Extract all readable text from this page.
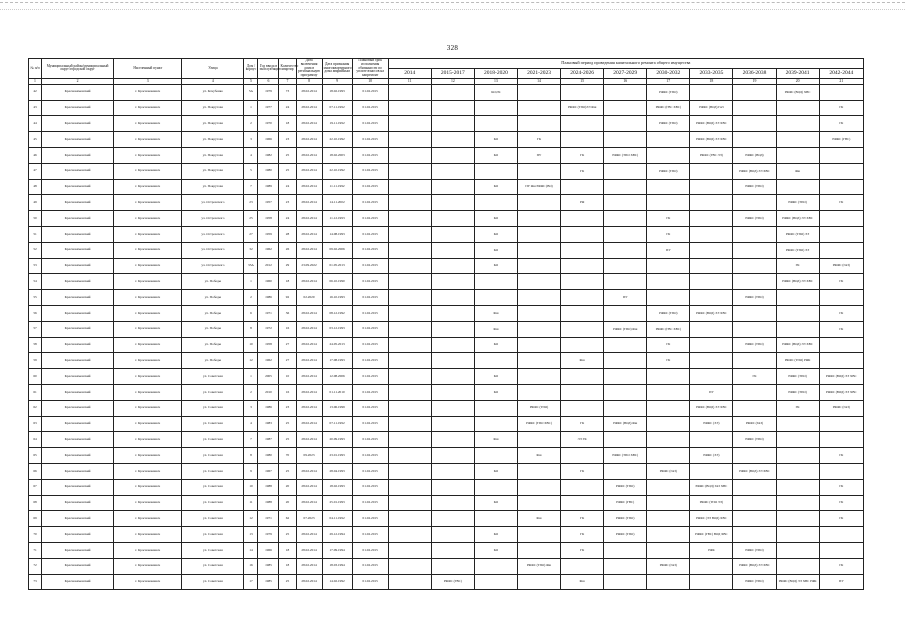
328
№ п/п	Муниципальный район/муниципальный округ/городской округ	Населенный пункт	Улица	Дом / корпус	Год ввода в эксплуатацию	Количество квартир	Дата включения дома в региональную программу	Дата признания многоквартирного дома аварийным	Плановый срок исполнения обязанности по уплате взносов на капремонт	Плановый период проведения капитального ремонта общего имущества										
										2014	2015-2017	2018-2020	2021-2023	2024-2026	2027-2029	2030-2032	2033-2035	2036-2038	2039-2041	2042-2044
1	2	3	4	5	6	7	8	9	10	11	12	13	14	15	16	17	18	19	20	21
42	Краснокаменский	г. Краснокаменск	ул. Кочубенко	5А	1979	73	28.02.2014	18.02.1993	01.02.2015			КО,ГК				РФФС (ТПО)			РФФС (ВОД) ХВС	
43	Краснокаменский	г. Краснокаменск	ул. Покрутова	1	1977	24	28.02.2014	07.11.1992	01.02.2015					РФФС (ТПО)ЭЭ Фш		РФФС (ГВС ХВС)	РФФС (ВОД) ГАЗ			ГК
44	Краснокаменский	г. Краснокаменск	ул. Покрутова	2	1970	18	28.02.2014	19.11.1992	01.02.2015							РФФС (ТПО)	РФФС (ВОД) ЭЭ ХВС			ГК
45	Краснокаменский	г. Краснокаменск	ул. Покрутова	3	1966	23	28.02.2014	22.10.1992	01.02.2015			КО	ГК				РФФС (ВОД) ЭЭ ХВС			РФФС (ГВС)
46	Краснокаменский	г. Краснокаменск	ул. Покрутова	4	1982	25	28.02.2014	18.02.2003	01.02.2015			КО	ПУ	ГК	РФФС (ТПО ХВС)		РФФС (ГВС ЭЭ)	РФФС (ВОД)		
47	Краснокаменский	г. Краснокаменск	ул. Покрутова	5	1980	25	28.02.2014	22.10.1992	01.02.2015					ГК		РФФС (ТПО)		РФФС (ВОД) ЭЭ ХВС	Фш	
48	Краснокаменский	г. Краснокаменск	ул. Покрутова	7	1989	24	28.02.2014	11.11.1992	01.02.2015			КО	ПУ Фш РФФС (ВО)					РФФС (ТПО)		
49	Краснокаменский	г. Краснокаменск	ул. Островского	23	1957	23	28.02.2014	14.11.2002	01.02.2015					РФ					РФФС (ТПО)	ГК
50	Краснокаменский	г. Краснокаменск	ул. Островского	25	1958	24	28.02.2014	11.12.1993	01.02.2015			КО				ГК		РФФС (ТПО)	РФФС (ВОД) ЭЭ ХВС	
51	Краснокаменский	г. Краснокаменск	ул. Островского	27	1959	28	28.02.2014	14.08.1993	01.02.2015			КО				ГК			РФФС (ТПО) ЭЭ	
52	Краснокаменский	г. Краснокаменск	ул. Островского	32	1962	26	28.02.2014	09.02.2006	01.02.2015			КО				ПУ			РФФС (ТПО) ЭЭ	
53	Краснокаменский	г. Краснокаменск	ул. Островского	33А	2012	29	23.09.2022	01.05.2013	01.02.2015			КО							ГК	РФФС (ГАЗ)
54	Краснокаменский	г. Краснокаменск	ул. Победы	1	1960	18	28.02.2014	06.10.1990	01.02.2015										РФФС (ВОД) ЭЭ ХВС	ГК
55	Краснокаменский	г. Краснокаменск	ул. Победы	2	1986	92	02.2020	16.10.1993	01.02.2015						ПУ			РФФС (ТПО)		
56	Краснокаменский	г. Краснокаменск	ул. Победы	6	1971	36	28.02.2014	08.12.1992	01.02.2015			Фш				РФФС (ТПО)	РФФС (ВОД) ЭЭ ХВС			ГК
57	Краснокаменский	г. Краснокаменск	ул. Победы	8	1972	16	28.02.2014	03.12.1993	01.02.2015			Фш			РФФС (ТПО) Фш	РФФС (ГВС ХВС)				ГК
58	Краснокаменский	г. Краснокаменск	ул. Победы	10	1958	27	28.02.2014	24.05.2013	01.02.2015			КО				ГК		РФФС (ТПО)	РФФС (ВОД) ЭЭ ХВС	
59	Краснокаменский	г. Краснокаменск	ул. Победы	12	1962	27	28.02.2014	17.08.1993	01.02.2015					Фш		ГК			РФФС (ТПО) РФК	
60	Краснокаменский	г. Краснокаменск	ул. Советская	1	2005	10	28.02.2014	12.08.2006	01.02.2015			КО						ГК	РФФС (ТПО)	РФФС (ВОД) ЭЭ ХВС
61	Краснокаменский	г. Краснокаменск	ул. Советская	2	2010	16	28.02.2014	01.11.2010	01.02.2015			КО					ПУ		РФФС (ТПО)	РФФС (ВОД) ЭЭ ХВС
62	Краснокаменский	г. Краснокаменск	ул. Советская	3	1986	23	28.02.2014	13.06.1999	01.02.2015				РФФС (ТПО)				РФФС (ВОД) ЭЭ ХВС		ГК	РФФС (ГАЗ)
63	Краснокаменский	г. Краснокаменск	ул. Советская	4	1983	25	28.02.2014	07.11.1992	01.02.2015				РФФС (ТПО ХВС)	ГК	РФФС (ВОД) Фш		РФФС (ЭЭ)	РФФС (ГАЗ)		
64	Краснокаменский	г. Краснокаменск	ул. Советская	7	1987	25	28.02.2014	20.09.1993	01.02.2015			Фш		ЭЭ ГК				РФФС (ТПО)		
65	Краснокаменский	г. Краснокаменск	ул. Советская	8	1980	70	09.2023	23.01.1993	01.02.2015				Фш		РФФС (ТПО ХВС)		РФФС (ЭЭ)			ГК
66	Краснокаменский	г. Краснокаменск	ул. Советская	9	1967	25	28.02.2014	28.04.1993	01.02.2015			КО		ГК		РФФС (ГАЗ)		РФФС (ВОД) ЭЭ ХВС		
67	Краснокаменский	г. Краснокаменск	ул. Советская	10	1988	20	28.02.2014	18.02.1993	01.02.2015						РФФС (ТПО)		РФФС (ВОД) ГАЗ ХВС			ГК
68	Краснокаменский	г. Краснокаменск	ул. Советская	11	1988	20	28.02.2014	25.01.1993	01.02.2015			КО			РФФС (ГВС)		РФФС (ТПО ЭЭ)			ГК
69	Краснокаменский	г. Краснокаменск	ул. Советская	12	1971	62	07.2023	04.11.1992	01.02.2015				Фш	ГК	РФФС (ТПО)		РФФС (ЭЭ ВОД) ХВС			ГК
70	Краснокаменский	г. Краснокаменск	ул. Советская	13	1979	25	28.02.2014	29.12.1994	01.02.2015			КО		ГК	РФФС (ТПО)		РФФС (ГВС) ВОД ХВС			
71	Краснокаменский	г. Краснокаменск	ул. Советская	14	1966	18	28.02.2014	17.09.1994	01.02.2015			КО		ГК			РФК	РФФС (ТПО)		
72	Краснокаменский	г. Краснокаменск	ул. Советская	16	1985	18	28.02.2014	18.03.1994	01.02.2015				РФФС (ТПО) Фш			РФФС (ГАЗ)		РФФС (ВОД) ЭЭ ХВС		ГК
73	Краснокаменский	г. Краснокаменск	ул. Советская	17	1985	25	28.02.2014	14.02.1992	01.02.2015		РФФС (ГВС)			Фш				РФФС (ТПО)	РФФС (ВОД) ЭЭ ХВС РФК	ПУ
